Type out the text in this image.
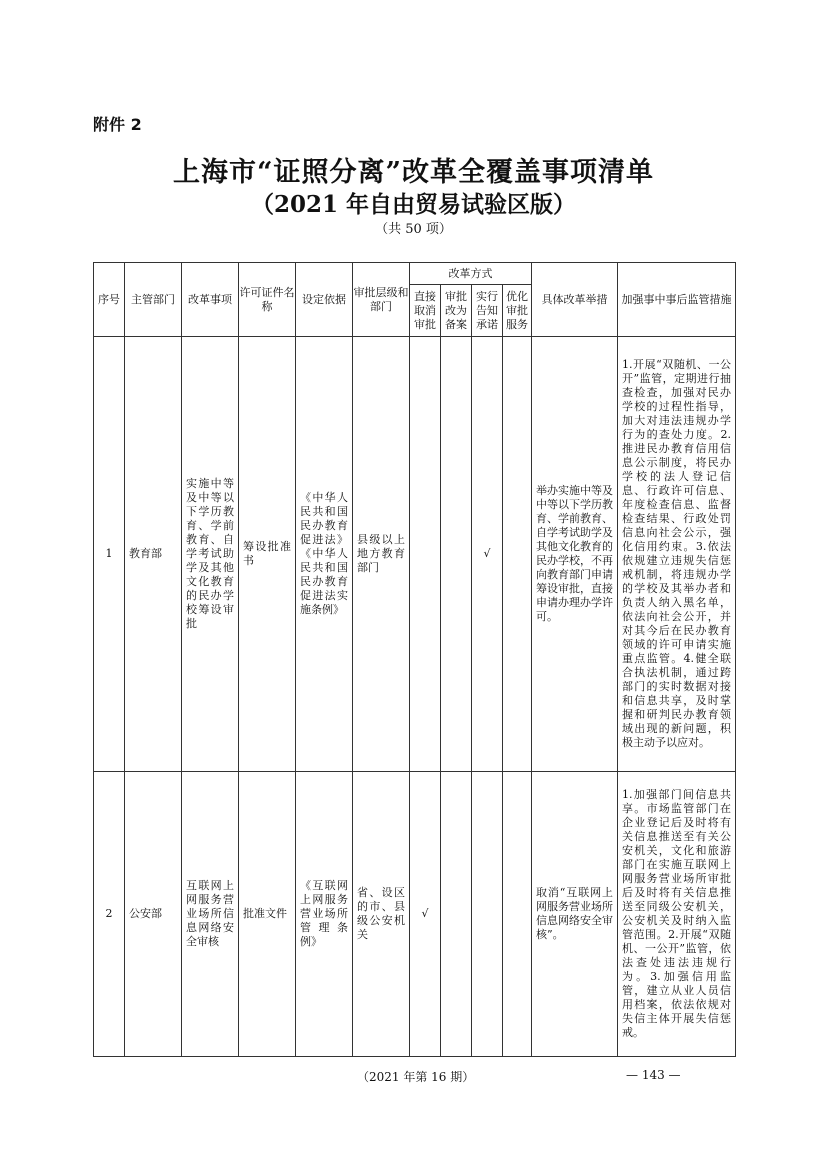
附件 2
上海市“证照分离”改革全覆盖事项清单
（2021 年自由贸易试验区版）
（共 50 项）
序号	主管部门	改革事项	许可证件名称	设定依据	审批层级和部门	改革方式				具体改革举措	加强事中事后监管措施
						直接取消审批	审批改为备案	实行告知承诺	优化审批服务		
1	教育部	实施中等及中等以下学历教育、学前教育、自学考试助学及其他文化教育的民办学校筹设审批	筹设批准书	《中华人民共和国民办教育促进法》《中华人民共和国民办教育促进法实施条例》	县级以上地方教育部门			√		举办实施中等及中等以下学历教育、学前教育、自学考试助学及其他文化教育的民办学校，不再向教育部门申请筹设审批，直接申请办理办学许可。	1.开展“双随机、一公开”监管，定期进行抽查检查，加强对民办学校的过程性指导，加大对违法违规办学行为的查处力度。2.推进民办教育信用信息公示制度，将民办学校的法人登记信息、行政许可信息、年度检查信息、监督检查结果、行政处罚信息向社会公示，强化信用约束。3.依法依规建立违规失信惩戒机制，将违规办学的学校及其举办者和负责人纳入黑名单，依法向社会公开，并对其今后在民办教育领域的许可申请实施重点监管。4.健全联合执法机制，通过跨部门的实时数据对接和信息共享，及时掌握和研判民办教育领域出现的新问题，积极主动予以应对。
2	公安部	互联网上网服务营业场所信息网络安全审核	批准文件	《互联网上网服务营业场所管理条例》	省、设区的市、县级公安机关	√				取消“互联网上网服务营业场所信息网络安全审核”。	1.加强部门间信息共享。市场监管部门在企业登记后及时将有关信息推送至有关公安机关，文化和旅游部门在实施互联网上网服务营业场所审批后及时将有关信息推送至同级公安机关，公安机关及时纳入监管范围。2.开展“双随机、一公开”监管，依法查处违法违规行为。3.加强信用监管，建立从业人员信用档案，依法依规对失信主体开展失信惩戒。
（2021 年第 16 期）	— 143 —
